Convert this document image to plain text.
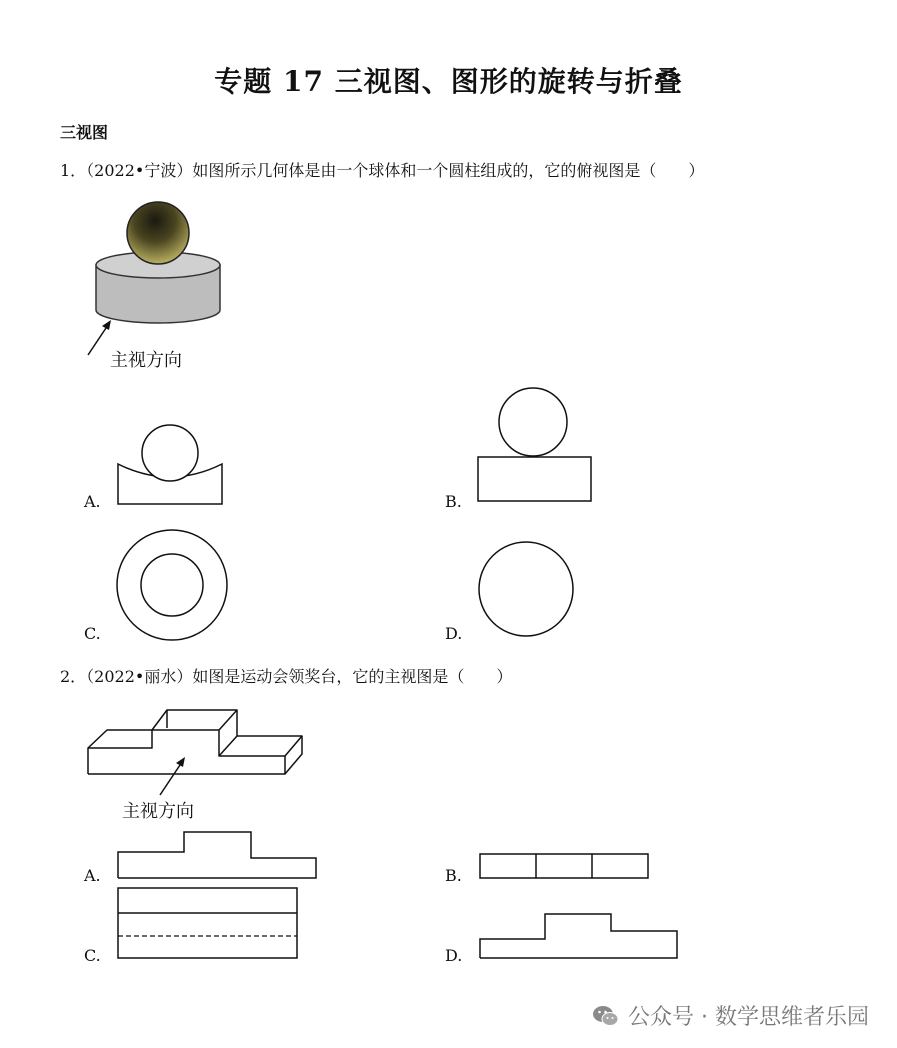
专题 17 三视图、图形的旋转与折叠
三视图
1．（2022•宁波）如图所示几何体是由一个球体和一个圆柱组成的，它的俯视图是（　　）
主视方向
A.	B.
C.	D.
2．（2022•丽水）如图是运动会领奖台，它的主视图是（　　）
主视方向
A.	B.
C.	D.
公众号 · 数学思维者乐园
